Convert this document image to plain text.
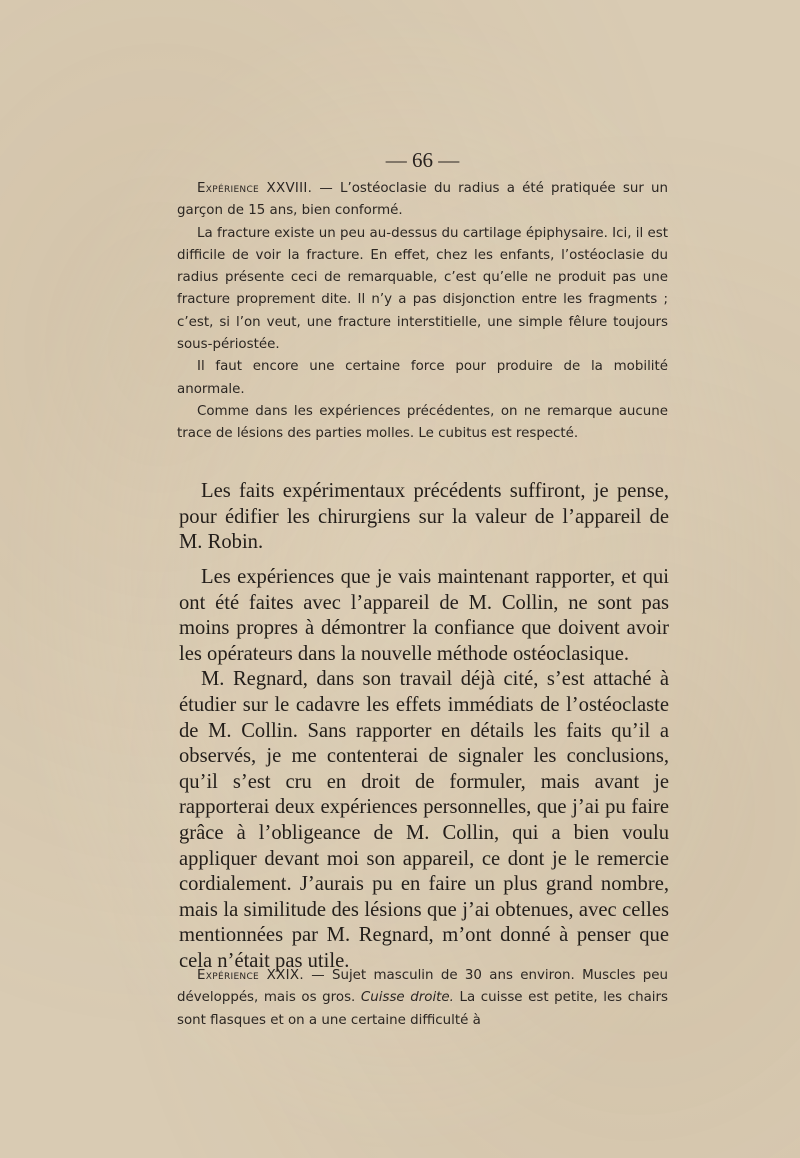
— 66 —

Expérience XXVIII. — L’ostéoclasie du radius a été pratiquée sur un garçon de 15 ans, bien conformé.

La fracture existe un peu au-dessus du cartilage épiphysaire. Ici, il est difficile de voir la fracture. En effet, chez les enfants, l’ostéoclasie du radius présente ceci de remarquable, c’est qu’elle ne produit pas une fracture proprement dite. Il n’y a pas disjonction entre les fragments ; c’est, si l’on veut, une fracture interstitielle, une simple fêlure toujours sous-périostée.

Il faut encore une certaine force pour produire de la mobilité anormale.

Comme dans les expériences précédentes, on ne remarque aucune trace de lésions des parties molles. Le cubitus est respecté.

Les faits expérimentaux précédents suffiront, je pense, pour édifier les chirurgiens sur la valeur de l’appareil de M. Robin.

Les expériences que je vais maintenant rapporter, et qui ont été faites avec l’appareil de M. Collin, ne sont pas moins propres à démontrer la confiance que doivent avoir les opérateurs dans la nouvelle méthode ostéoclasique.

M. Regnard, dans son travail déjà cité, s’est attaché à étudier sur le cadavre les effets immédiats de l’ostéoclaste de M. Collin. Sans rapporter en détails les faits qu’il a observés, je me contenterai de signaler les conclusions, qu’il s’est cru en droit de formuler, mais avant je rapporterai deux expériences personnelles, que j’ai pu faire grâce à l’obligeance de M. Collin, qui a bien voulu appliquer devant moi son appareil, ce dont je le remercie cordialement. J’aurais pu en faire un plus grand nombre, mais la similitude des lésions que j’ai obtenues, avec celles mentionnées par M. Regnard, m’ont donné à penser que cela n’était pas utile.

Expérience XXIX. — Sujet masculin de 30 ans environ. Muscles peu développés, mais os gros. Cuisse droite. La cuisse est petite, les chairs sont flasques et on a une certaine difficulté à
